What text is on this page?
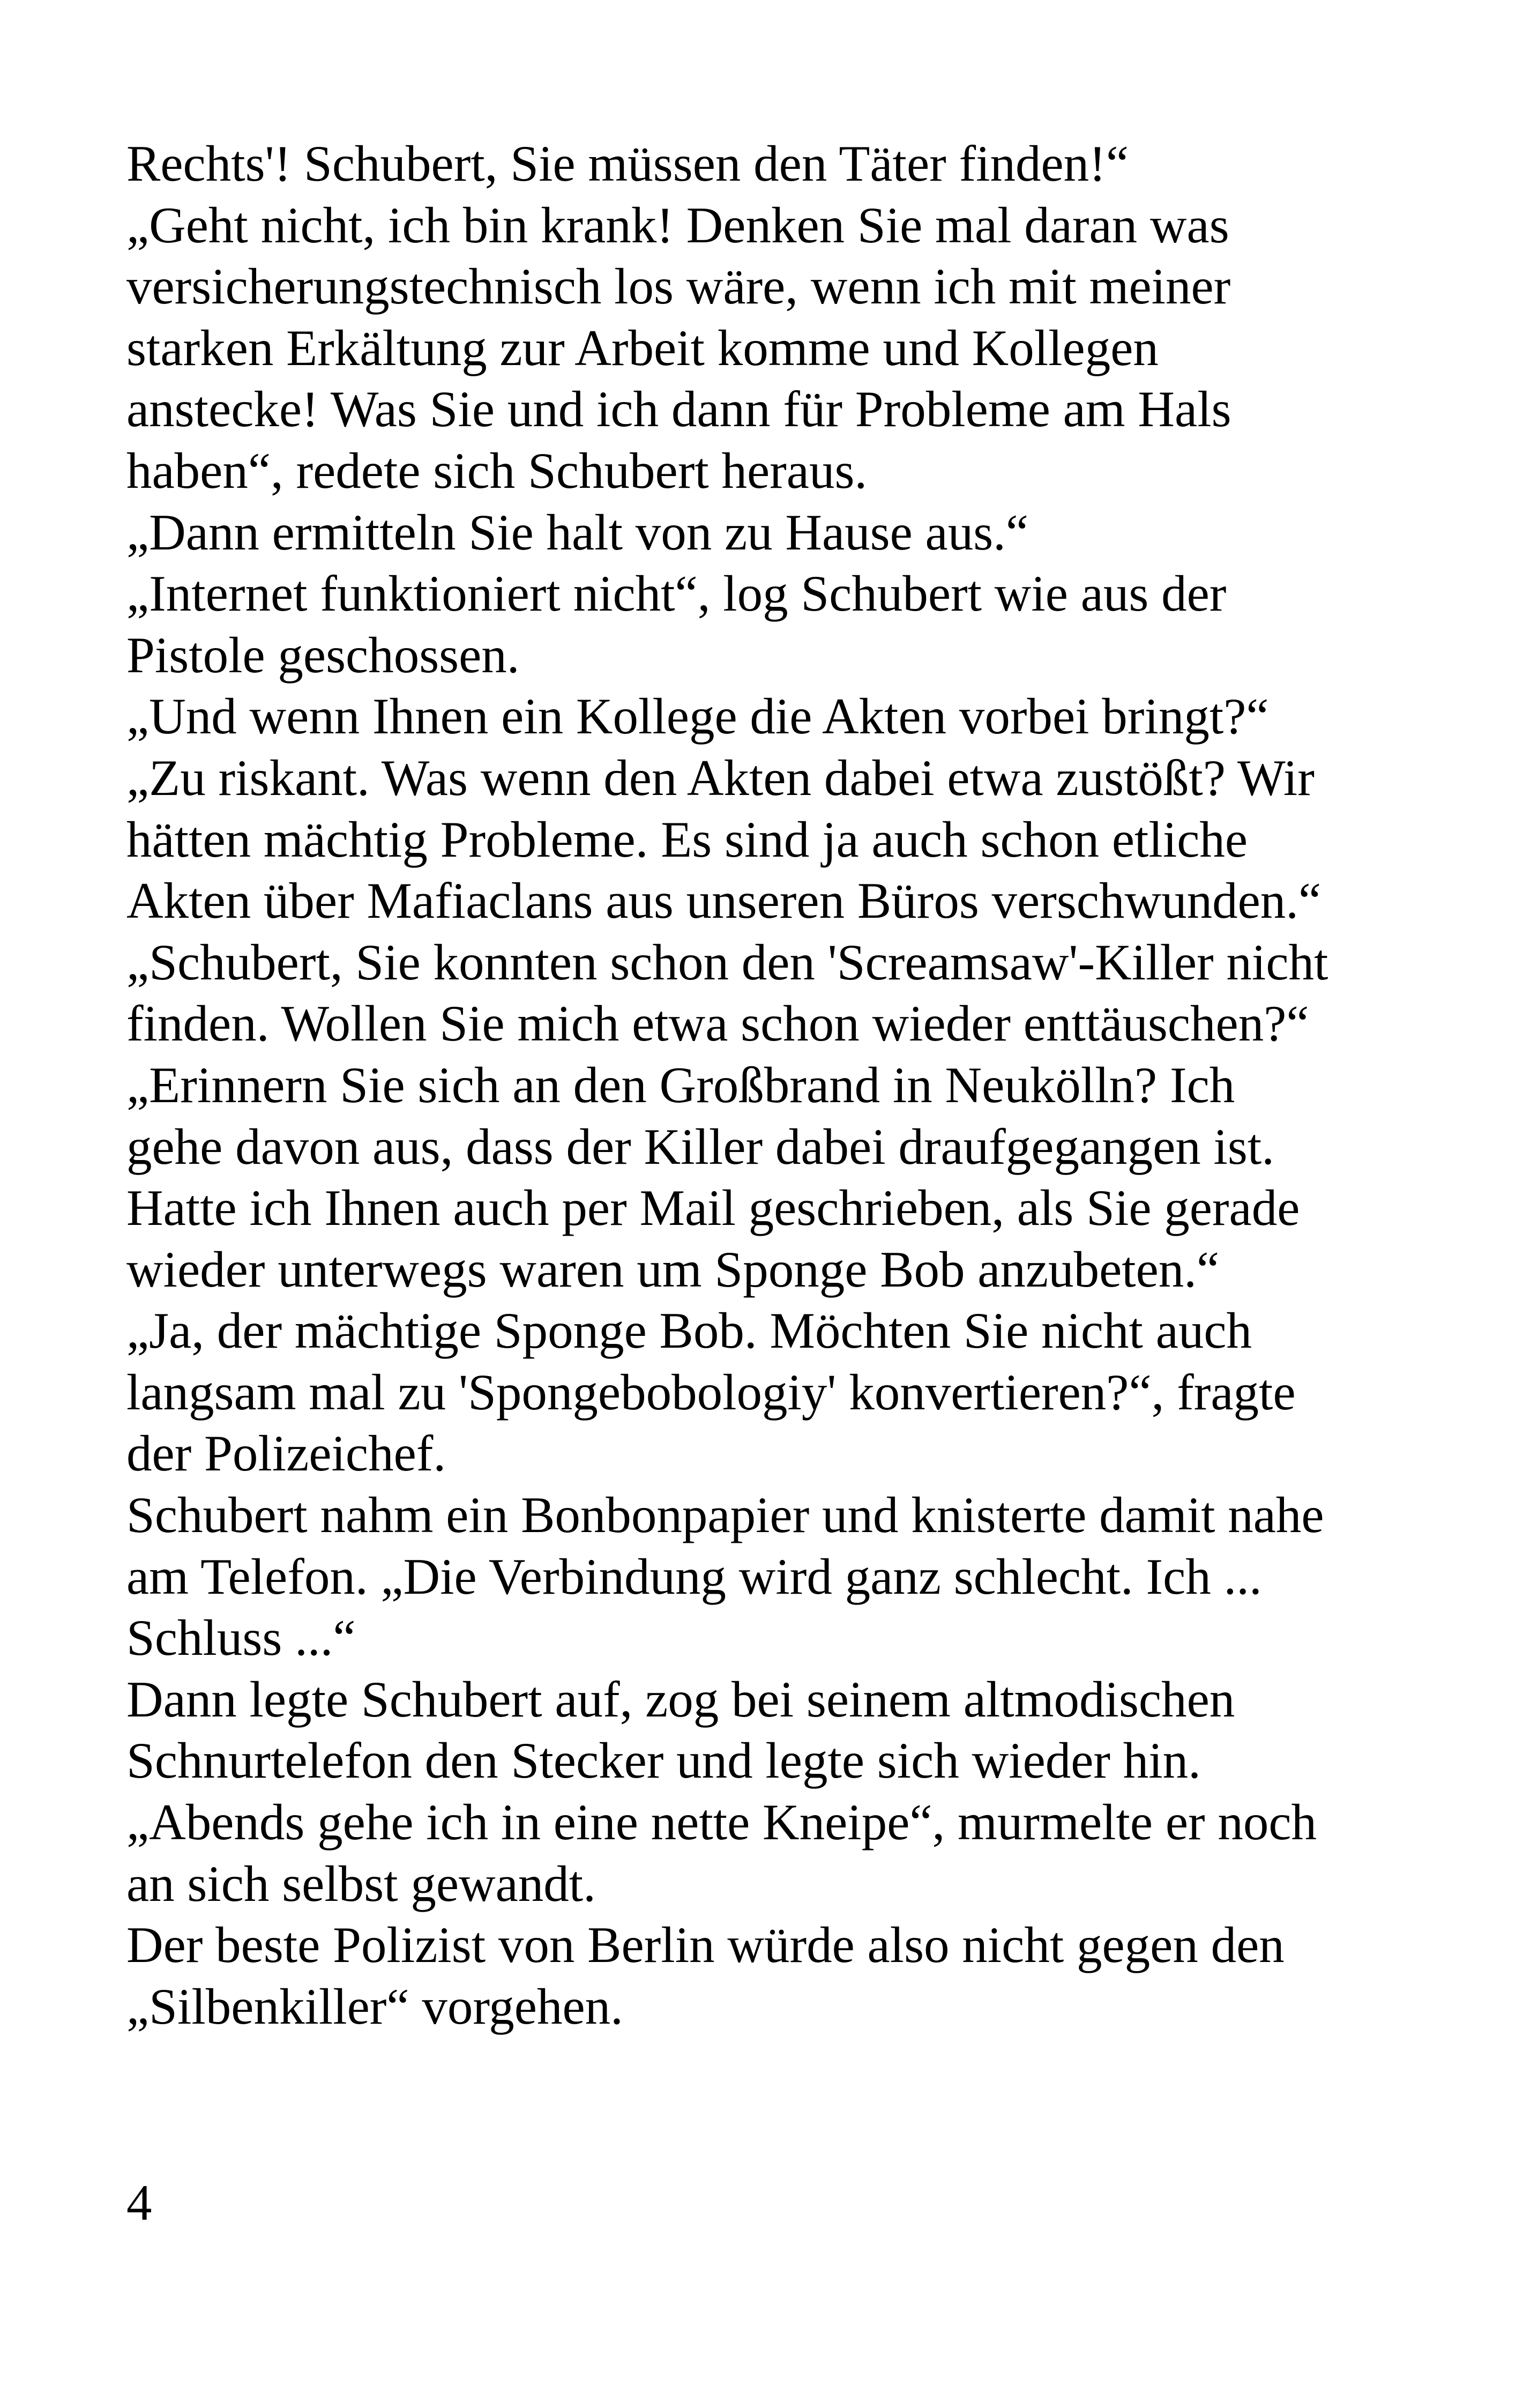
Rechts'! Schubert, Sie müssen den Täter finden!“
„Geht nicht, ich bin krank! Denken Sie mal daran was
versicherungstechnisch los wäre, wenn ich mit meiner
starken Erkältung zur Arbeit komme und Kollegen
anstecke! Was Sie und ich dann für Probleme am Hals
haben“, redete sich Schubert heraus.
„Dann ermitteln Sie halt von zu Hause aus.“
„Internet funktioniert nicht“, log Schubert wie aus der
Pistole geschossen.
„Und wenn Ihnen ein Kollege die Akten vorbei bringt?“
„Zu riskant. Was wenn den Akten dabei etwa zustößt? Wir
hätten mächtig Probleme. Es sind ja auch schon etliche
Akten über Mafiaclans aus unseren Büros verschwunden.“
„Schubert, Sie konnten schon den 'Screamsaw'-Killer nicht
finden. Wollen Sie mich etwa schon wieder enttäuschen?“
„Erinnern Sie sich an den Großbrand in Neukölln? Ich
gehe davon aus, dass der Killer dabei draufgegangen ist.
Hatte ich Ihnen auch per Mail geschrieben, als Sie gerade
wieder unterwegs waren um Sponge Bob anzubeten.“
„Ja, der mächtige Sponge Bob. Möchten Sie nicht auch
langsam mal zu 'Spongebobologiy' konvertieren?“, fragte
der Polizeichef.
Schubert nahm ein Bonbonpapier und knisterte damit nahe
am Telefon. „Die Verbindung wird ganz schlecht. Ich ...
Schluss ...“
Dann legte Schubert auf, zog bei seinem altmodischen
Schnurtelefon den Stecker und legte sich wieder hin.
„Abends gehe ich in eine nette Kneipe“, murmelte er noch
an sich selbst gewandt.
Der beste Polizist von Berlin würde also nicht gegen den
„Silbenkiller“ vorgehen.
4
